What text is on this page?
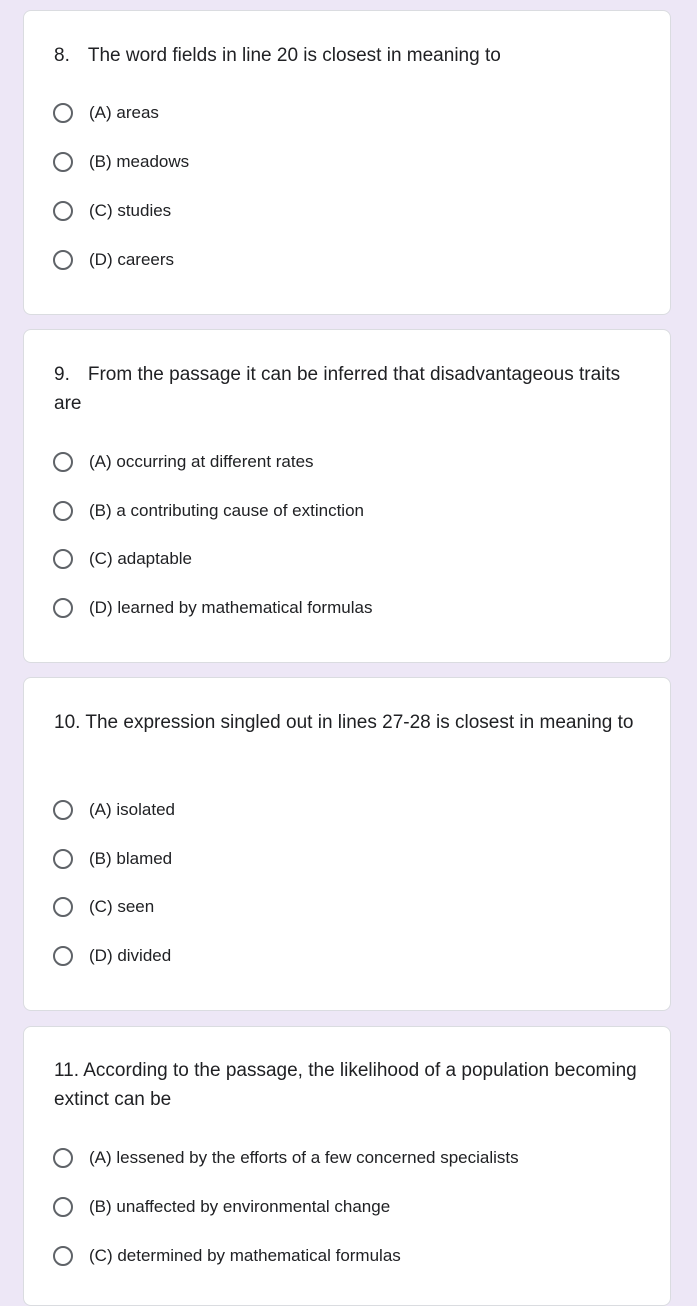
8. The word fields in line 20 is closest in meaning to

(A) areas
(B) meadows
(C) studies
(D) careers

9. From the passage it can be inferred that disadvantageous traits are

(A) occurring at different rates
(B) a contributing cause of extinction
(C) adaptable
(D) learned by mathematical formulas

10. The expression singled out in lines 27-28 is closest in meaning to

(A) isolated
(B) blamed
(C) seen
(D) divided

11. According to the passage, the likelihood of a population becoming extinct can be

(A) lessened by the efforts of a few concerned specialists
(B) unaffected by environmental change
(C) determined by mathematical formulas
